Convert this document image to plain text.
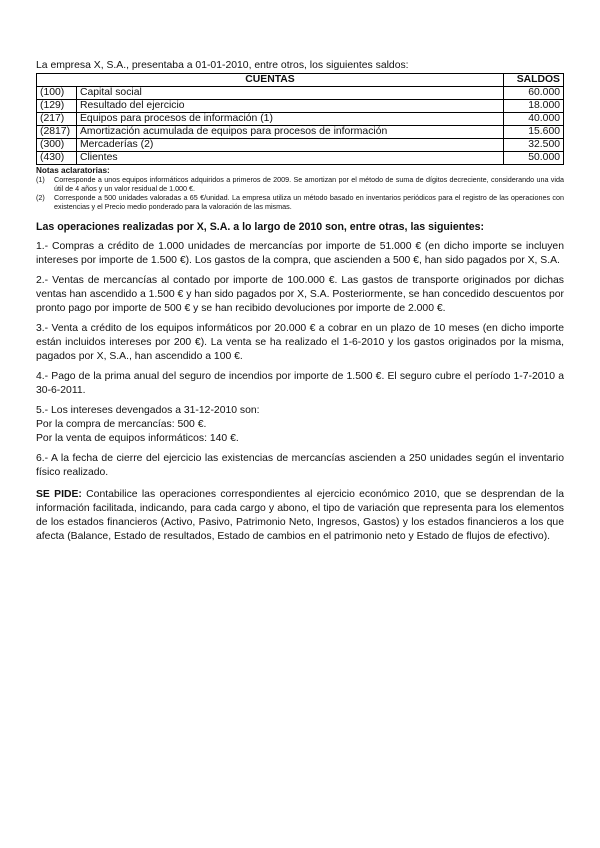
La empresa X, S.A., presentaba a 01-01-2010, entre otros, los siguientes saldos:

CUENTAS		SALDOS
(100)	Capital social	60.000
(129)	Resultado del ejercicio	18.000
(217)	Equipos para procesos de información (1)	40.000
(2817)	Amortización acumulada de equipos para procesos de información	15.600
(300)	Mercaderías (2)	32.500
(430)	Clientes	50.000

Notas aclaratorias:

(1)	Corresponde a unos equipos informáticos adquiridos a primeros de 2009. Se amortizan por el método de suma de dígitos decreciente, considerando una vida útil de 4 años y un valor residual de 1.000 €.
(2)	Corresponde a 500 unidades valoradas a 65 €/unidad. La empresa utiliza un método basado en inventarios periódicos para el registro de las operaciones con existencias y el Precio medio ponderado para la valoración de las mismas.

Las operaciones realizadas por X, S.A. a lo largo de 2010 son, entre otras, las siguientes:

1.- Compras a crédito de 1.000 unidades de mercancías por importe de 51.000 € (en dicho importe se incluyen intereses por importe de 1.500 €). Los gastos de la compra, que ascienden a 500 €, han sido pagados por X, S.A.

2.- Ventas de mercancías al contado por importe de 100.000 €. Las gastos de transporte originados por dichas ventas han ascendido a 1.500 € y han sido pagados por X, S.A. Posteriormente, se han concedido descuentos por pronto pago por importe de 500 € y se han recibido devoluciones por importe de 2.000 €.

3.- Venta a crédito de los equipos informáticos por 20.000 € a cobrar en un plazo de 10 meses (en dicho importe están incluidos intereses por 200 €). La venta se ha realizado el 1-6-2010 y los gastos originados por la misma, pagados por X, S.A., han ascendido a 100 €.

4.- Pago de la prima anual del seguro de incendios por importe de 1.500 €. El seguro cubre el período 1-7-2010 a 30-6-2011.

5.- Los intereses devengados a 31-12-2010 son:

Por la compra de mercancías: 500 €.

Por la venta de equipos informáticos: 140 €.

6.- A la fecha de cierre del ejercicio las existencias de mercancías ascienden a 250 unidades según el inventario físico realizado.

SE PIDE: Contabilice las operaciones correspondientes al ejercicio económico 2010, que se desprendan de la información facilitada, indicando, para cada cargo y abono, el tipo de variación que representa para los elementos de los estados financieros (Activo, Pasivo, Patrimonio Neto, Ingresos, Gastos) y los estados financieros a los que afecta (Balance, Estado de resultados, Estado de cambios en el patrimonio neto y Estado de flujos de efectivo).
